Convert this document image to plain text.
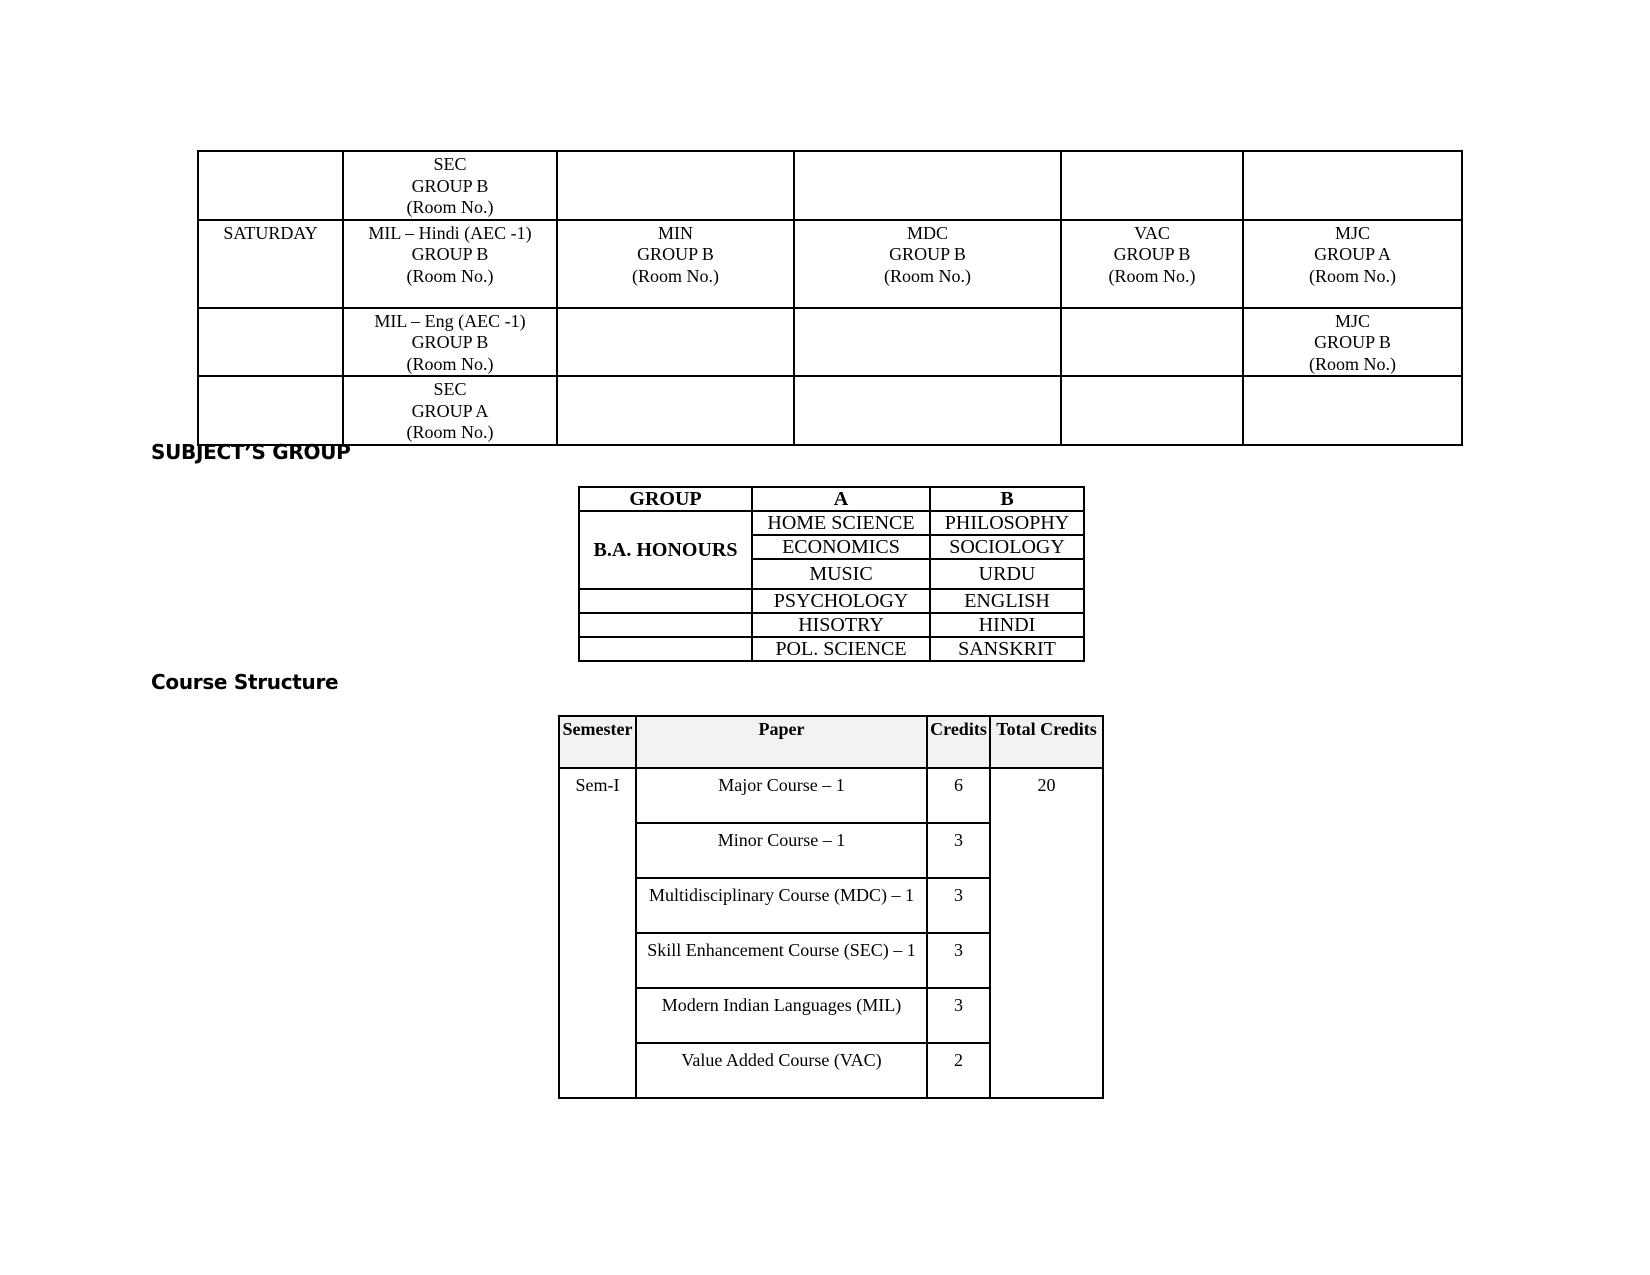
	SEC
GROUP B
(Room No.)				

SATURDAY	MIL – Hindi (AEC -1)
GROUP B
(Room No.)	MIN
GROUP B
(Room No.)	MDC
GROUP B
(Room No.)	VAC
GROUP B
(Room No.)	MJC
GROUP A
(Room No.)

	MIL – Eng (AEC -1)
GROUP B
(Room No.)				MJC
GROUP B
(Room No.)

	SEC
GROUP A
(Room No.)				

SUBJECT’S GROUP
GROUP	A	B
B.A. HONOURS	HOME SCIENCE	PHILOSOPHY
	ECONOMICS	SOCIOLOGY
	MUSIC	URDU
	PSYCHOLOGY	ENGLISH
	HISOTRY	HINDI
	POL. SCIENCE	SANSKRIT
Course Structure
Semester	Paper	Credits	Total Credits
Sem-I	Major Course – 1	6	20
	Minor Course – 1	3	
	Multidisciplinary Course (MDC) – 1	3	
	Skill Enhancement Course (SEC) – 1	3	
	Modern Indian Languages (MIL)	3	
	Value Added Course (VAC)	2	
